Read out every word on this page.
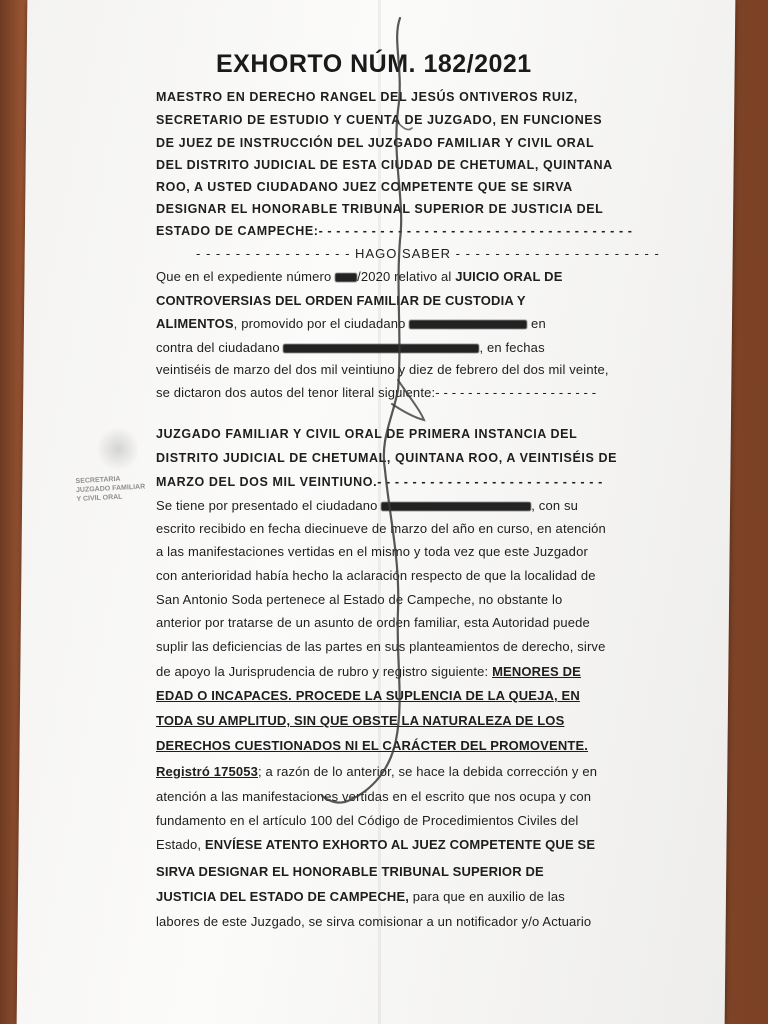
EXHORTO NÚM. 182/2021
MAESTRO EN DERECHO RANGEL DEL JESÚS ONTIVEROS RUIZ,
SECRETARIO DE ESTUDIO Y CUENTA DE JUZGADO, EN FUNCIONES
DE JUEZ DE INSTRUCCIÓN DEL JUZGADO FAMILIAR Y CIVIL ORAL
DEL DISTRITO JUDICIAL DE ESTA CIUDAD DE CHETUMAL, QUINTANA
ROO, A USTED CIUDADANO JUEZ COMPETENTE QUE SE SIRVA
DESIGNAR EL HONORABLE TRIBUNAL SUPERIOR DE JUSTICIA DEL
ESTADO DE CAMPECHE:- - - - - - - - - - - - - - - - - - - - - - - - - - - - - - - - - - - -
- - - - - - - - - - - - - - - - HAGO SABER - - - - - - - - - - - - - - - - - - - - -
Que en el expediente número /2020 relativo al JUICIO ORAL DE
CONTROVERSIAS DEL ORDEN FAMILIAR DE CUSTODIA Y
ALIMENTOS, promovido por el ciudadano	en
contra del ciudadano	, en fechas
veintiséis de marzo del dos mil veintiuno y diez de febrero del dos mil veinte,
se dictaron dos autos del tenor literal siguiente:- - - - - - - - - - - - - - - - - - - -
JUZGADO FAMILIAR Y CIVIL ORAL DE PRIMERA INSTANCIA DEL
DISTRITO JUDICIAL DE CHETUMAL, QUINTANA ROO, A VEINTISÉIS DE
MARZO DEL DOS MIL VEINTIUNO.- - - - - - - - - - - - - - - - - - - - - - - - - -
Se tiene por presentado el ciudadano	, con su
escrito recibido en fecha diecinueve de marzo del año en curso, en atención
a las manifestaciones vertidas en el mismo y toda vez que este Juzgador
con anterioridad había hecho la aclaración respecto de que la localidad de
San Antonio Soda pertenece al Estado de Campeche, no obstante lo
anterior por tratarse de un asunto de orden familiar, esta Autoridad puede
suplir las deficiencias de las partes en sus planteamientos de derecho, sirve
de apoyo la Jurisprudencia de rubro y registro siguiente: MENORES DE
EDAD O INCAPACES. PROCEDE LA SUPLENCIA DE LA QUEJA, EN
TODA SU AMPLITUD, SIN QUE OBSTE LA NATURALEZA DE LOS
DERECHOS CUESTIONADOS NI EL CARÁCTER DEL PROMOVENTE.
Registró 175053; a razón de lo anterior, se hace la debida corrección y en
atención a las manifestaciones vertidas en el escrito que nos ocupa y con
fundamento en el artículo 100 del Código de Procedimientos Civiles del
Estado, ENVÍESE ATENTO EXHORTO AL JUEZ COMPETENTE QUE SE
SIRVA DESIGNAR EL HONORABLE TRIBUNAL SUPERIOR DE
JUSTICIA DEL ESTADO DE CAMPECHE, para que en auxilio de las
labores de este Juzgado, se sirva comisionar a un notificador y/o Actuario
SECRETARIA
JUZGADO FAMILIAR
Y CIVIL ORAL
